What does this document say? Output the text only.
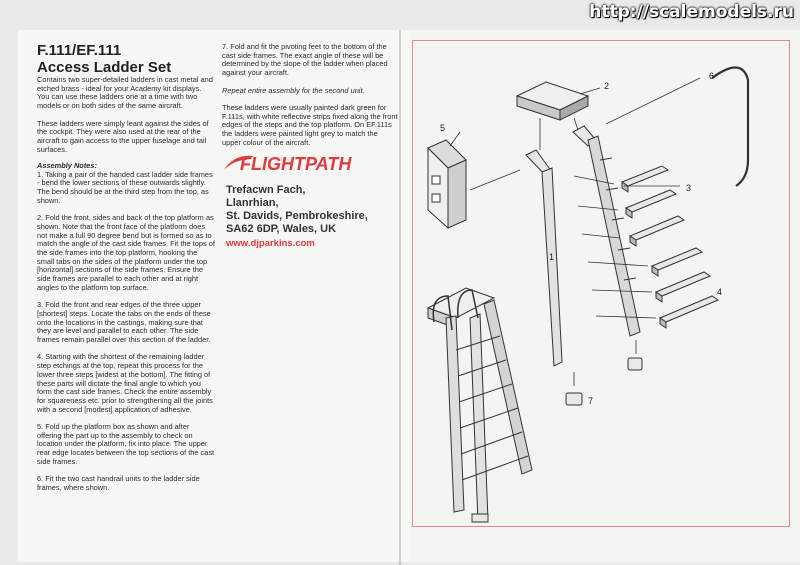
http://scalemodels.ru
F.111/EF.111
Access Ladder Set

Contains two super-detailed ladders in cast metal and etched brass - ideal for your Academy kit displays. You can use these ladders one at a time with two models or on both sides of the same aircraft.

These ladders were simply leant against the sides of the cockpit. They were also used at the rear of the aircraft to gain access to the upper fuselage and tail surfaces.

Assembly Notes:

1. Taking a pair of the handed cast ladder side frames - bend the lower sections of these outwards slightly. The bend should be at the third step from the top, as shown.

2. Fold the front, sides and back of the top platform as shown. Note that the front face of the platform does not make a full 90 degree bend but is formed so as to match the angle of the cast side frames. Fit the tops of the side frames into the top platform, hooking the small tabs on the sides of the platform under the top [horizontal] sections of the side frames. Ensure the side frames are parallel to each other and at right angles to the platform top surface.

3. Fold the front and rear edges of the three upper [shortest] steps. Locate the tabs on the ends of these onto the locations in the castings, making sure that they are level and parallel to each other. The side frames remain parallel over this section of the ladder.

4. Starting with the shortest of the remaining ladder step etchings at the top, repeat this process for the lower three steps [widest at the bottom]. The fitting of these parts will dictate the final angle to which you form the cast side frames. Check the entire assembly for squareness etc. prior to strengthening all the joints with a second [modest] application of adhesive.

5. Fold up the platform box as shown and after offering the part up to the assembly to check on location under the platform, fix into place. The upper rear edge locates between the top sections of the cast side frames.

6. Fit the two cast handrail units to the ladder side frames, where shown.

7. Fold and fit the pivoting feet to the bottom of the cast side frames. The exact angle of these will be determined by the slope of the ladder when placed against your aircraft.

Repeat entire assembly for the second unit.

These ladders were usually painted dark green for F.111s, with white reflective strips fixed along the front edges of the steps and the top platform. On EF.111s the ladders were painted light grey to match the upper colour of the aircraft.

FLIGHTPATH
Trefacwn Fach,
Llanrhian,
St. Davids, Pembrokeshire,
SA62 6DP, Wales, UK
www.djparkins.com
2
5
6
3
4
1
7
